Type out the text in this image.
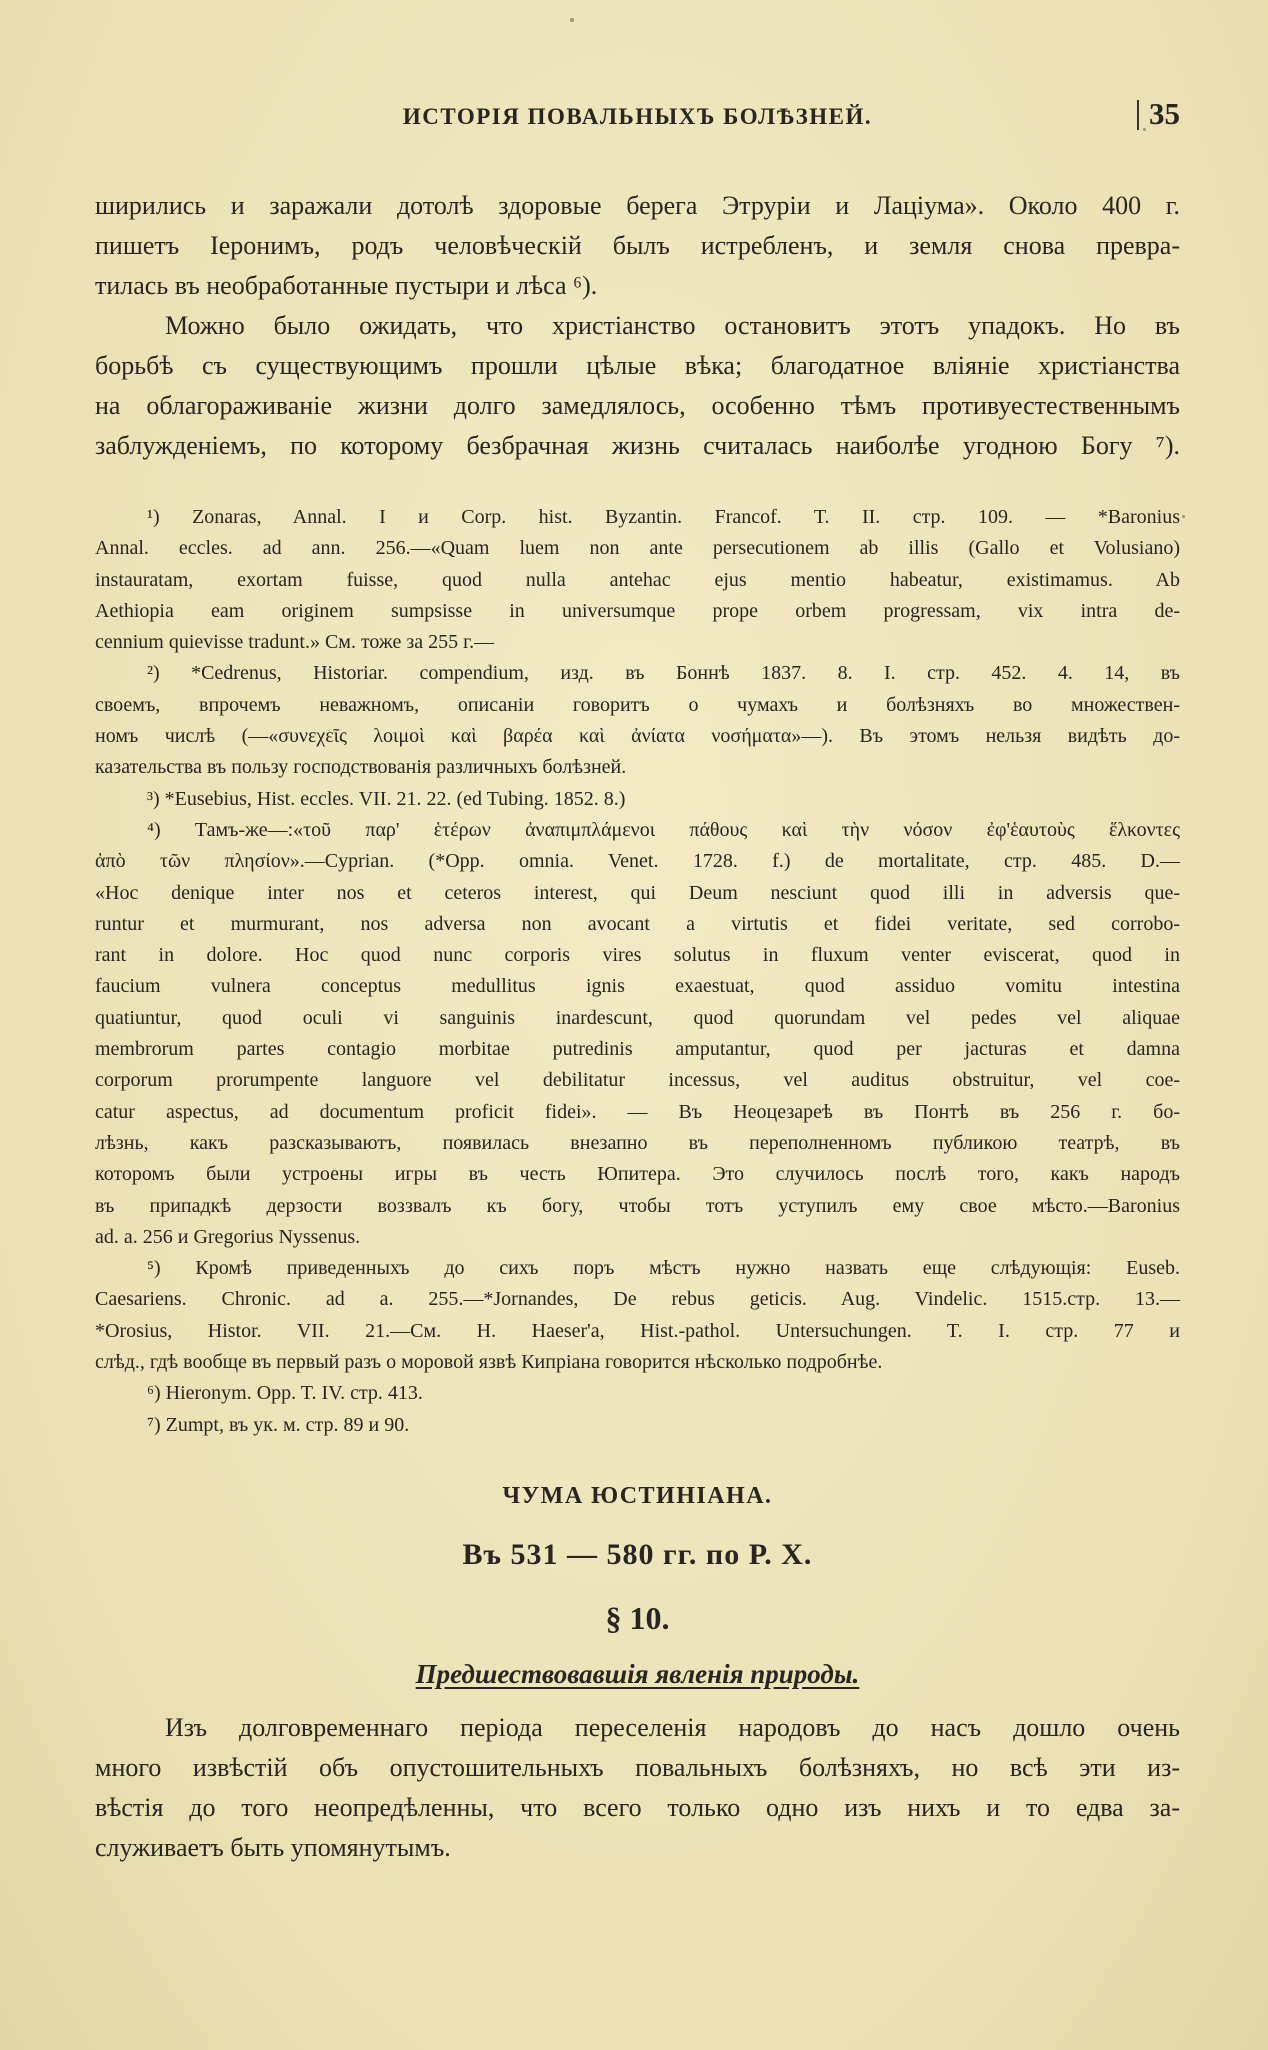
ИСТОРІЯ ПОВАЛЬНЫХЪ БОЛѢЗНЕЙ.	35

ширились и заражали дотолѣ здоровые берега Этруріи и Лаціума». Около 400 г.
пишетъ Іеронимъ, родъ человѣческій былъ истребленъ, и земля снова превра-
тилась въ необработанные пустыри и лѣса ⁶).

Можно было ожидать, что христіанство остановитъ этотъ упадокъ. Но въ
борьбѣ съ существующимъ прошли цѣлые вѣка; благодатное вліяніе христіанства
на облагораживаніе жизни долго замедлялось, особенно тѣмъ противуестественнымъ
заблужденіемъ, по которому безбрачная жизнь считалась наиболѣе угодною Богу ⁷).

¹) Zonaras, Annal. I и Corp. hist. Byzantin. Francof. T. II. стр. 109. — *Baronius
Annal. eccles. ad ann. 256.—«Quam luem non ante persecutionem ab illis (Gallo et Volusiano)
instauratam, exortam fuisse, quod nulla antehac ejus mentio habeatur, existimamus. Ab
Aethiopia eam originem sumpsisse in universumque prope orbem progressam, vix intra de-
cennium quievisse tradunt.» См. тоже за 255 г.—
²) *Cedrenus, Historiar. compendium, изд. въ Боннѣ 1837. 8. I. стр. 452. 4. 14, въ
своемъ, впрочемъ неважномъ, описаніи говоритъ о чумахъ и болѣзняхъ во множествен-
номъ числѣ (—«συνεχεῖς λοιμοὶ καὶ βαρέα καὶ ἀνίατα νοσήματα»—). Въ этомъ нельзя видѣть до-
казательства въ пользу господствованія различныхъ болѣзней.
³) *Eusebius, Hist. eccles. VII. 21. 22. (ed Tubing. 1852. 8.)
⁴) Тамъ-же—:«τοῦ παρ' ἑτέρων ἀναπιμπλάμενοι πάθους καὶ τὴν νόσον ἐφ'ἑαυτοὺς ἕλκοντες
ἀπὸ τῶν πλησίον».—Cyprian. (*Opp. omnia. Venet. 1728. f.) de mortalitate, стр. 485. D.—
«Hoc denique inter nos et ceteros interest, qui Deum nesciunt quod illi in adversis que-
runtur et murmurant, nos adversa non avocant a virtutis et fidei veritate, sed corrobo-
rant in dolore. Hoc quod nunc corporis vires solutus in fluxum venter eviscerat, quod in
faucium vulnera conceptus medullitus ignis exaestuat, quod assiduo vomitu intestina
quatiuntur, quod oculi vi sanguinis inardescunt, quod quorundam vel pedes vel aliquae
membrorum partes contagio morbitae putredinis amputantur, quod per jacturas et damna
corporum prorumpente languore vel debilitatur incessus, vel auditus obstruitur, vel coe-
catur aspectus, ad documentum proficit fidei». — Въ Неоцезареѣ въ Понтѣ въ 256 г. бо-
лѣзнь, какъ разсказываютъ, появилась внезапно въ переполненномъ публикою театрѣ, въ
которомъ были устроены игры въ честь Юпитера. Это случилось послѣ того, какъ народъ
въ припадкѣ дерзости воззвалъ къ богу, чтобы тотъ уступилъ ему свое мѣсто.—Baronius
ad. a. 256 и Gregorius Nyssenus.
⁵) Кромѣ приведенныхъ до сихъ поръ мѣстъ нужно назвать еще слѣдующія: Euseb.
Caesariens. Chronic. ad a. 255.—*Jornandes, De rebus geticis. Aug. Vindelic. 1515.стр. 13.—
*Orosius, Histor. VII. 21.—См. H. Haeser'a, Hist.-pathol. Untersuchungen. T. I. стр. 77 и
слѣд., гдѣ вообще въ первый разъ о моровой язвѣ Кипріана говорится нѣсколько подробнѣе.
⁶) Hieronym. Opp. T. IV. стр. 413.
⁷) Zumpt, въ ук. м. стр. 89 и 90.
ЧУМА ЮСТИНІАНА.
Въ 531 — 580 гг. по Р. Х.
§ 10.
Предшествовавшія явленія природы.

Изъ долговременнаго періода переселенія народовъ до насъ дошло очень
много извѣстій объ опустошительныхъ повальныхъ болѣзняхъ, но всѣ эти из-
вѣстія до того неопредѣленны, что всего только одно изъ нихъ и то едва за-
служиваетъ быть упомянутымъ.
